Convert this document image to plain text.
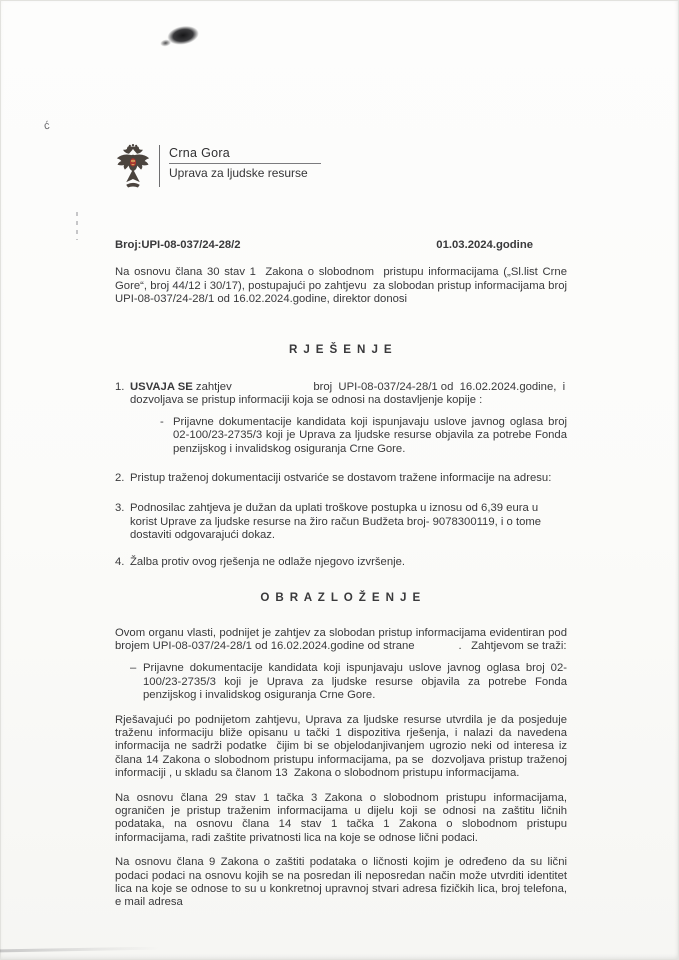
ć
Crna Gora
Uprava za ljudske resurse
Broj:UPI-08-037/24-28/2	01.03.2024.godine

Na osnovu člana 30 stav 1  Zakona o slobodnom  pristupu informacijama („Sl.list Crne Gore“, broj 44/12 i 30/17), postupajući po zahtjevu  za slobodan pristup informacijama broj  UPI-08-037/24-28/1 od 16.02.2024.godine, direktor donosi

R J E Š E N J E
1. USVAJA SE zahtjev                          broj  UPI-08-037/24-28/1 od  16.02.2024.godine,  i dozvoljava se pristup informaciji koja se odnosi na dostavljenje kopije :
- Prijavne dokumentacije kandidata koji ispunjavaju uslove javnog oglasa broj 02-100/23-2735/3 koji je Uprava za ljudske resurse objavila za potrebe Fonda penzijskog i invalidskog osiguranja Crne Gore.
2. Pristup traženoj dokumentaciji ostvariće se dostavom tražene informacije na adresu:
3. Podnosilac zahtjeva je dužan da uplati troškove postupka u iznosu od 6,39 eura u korist Uprave za ljudske resurse na žiro račun Budžeta broj- 9078300119, i o tome dostaviti odgovarajući dokaz.
4. Žalba protiv ovog rješenja ne odlaže njegovo izvršenje.
O B R A Z L O Ž E N J E

Ovom organu vlasti, podnijet je zahtjev za slobodan pristup informacijama evidentiran pod brojem UPI-08-037/24-28/1 od 16.02.2024.godine od strane              .   Zahtjevom se traži:

– Prijavne dokumentacije kandidata koji ispunjavaju uslove javnog oglasa broj 02-100/23-2735/3 koji je Uprava za ljudske resurse objavila za potrebe Fonda penzijskog i invalidskog osiguranja Crne Gore.

Rješavajući po podnijetom zahtjevu, Uprava za ljudske resurse utvrdila je da posjeduje traženu informaciju bliže opisanu u tački 1 dispozitiva rješenja, i nalazi da navedena informacija ne sadrži podatke  čijim bi se objelodanjivanjem ugrozio neki od interesa iz člana 14 Zakona o slobodnom pristupu informacijama, pa se  dozvoljava pristup traženoj informaciji , u skladu sa članom 13  Zakona o slobodnom pristupu informacijama.

Na osnovu člana 29 stav 1 tačka 3 Zakona o slobodnom pristupu informacijama, ograničen je pristup traženim informacijama u dijelu koji se odnosi na zaštitu ličnih podataka, na osnovu člana 14 stav 1 tačka 1 Zakona o slobodnom pristupu informacijama, radi zaštite privatnosti lica na koje se odnose lični podaci.

Na osnovu člana 9 Zakona o zaštiti podataka o ličnosti kojim je određeno da su lični podaci podaci na osnovu kojih se na posredan ili neposredan način može utvrditi identitet lica na koje se odnose to su u konkretnoj upravnoj stvari adresa fizičkih lica, broj telefona, e mail adresa
